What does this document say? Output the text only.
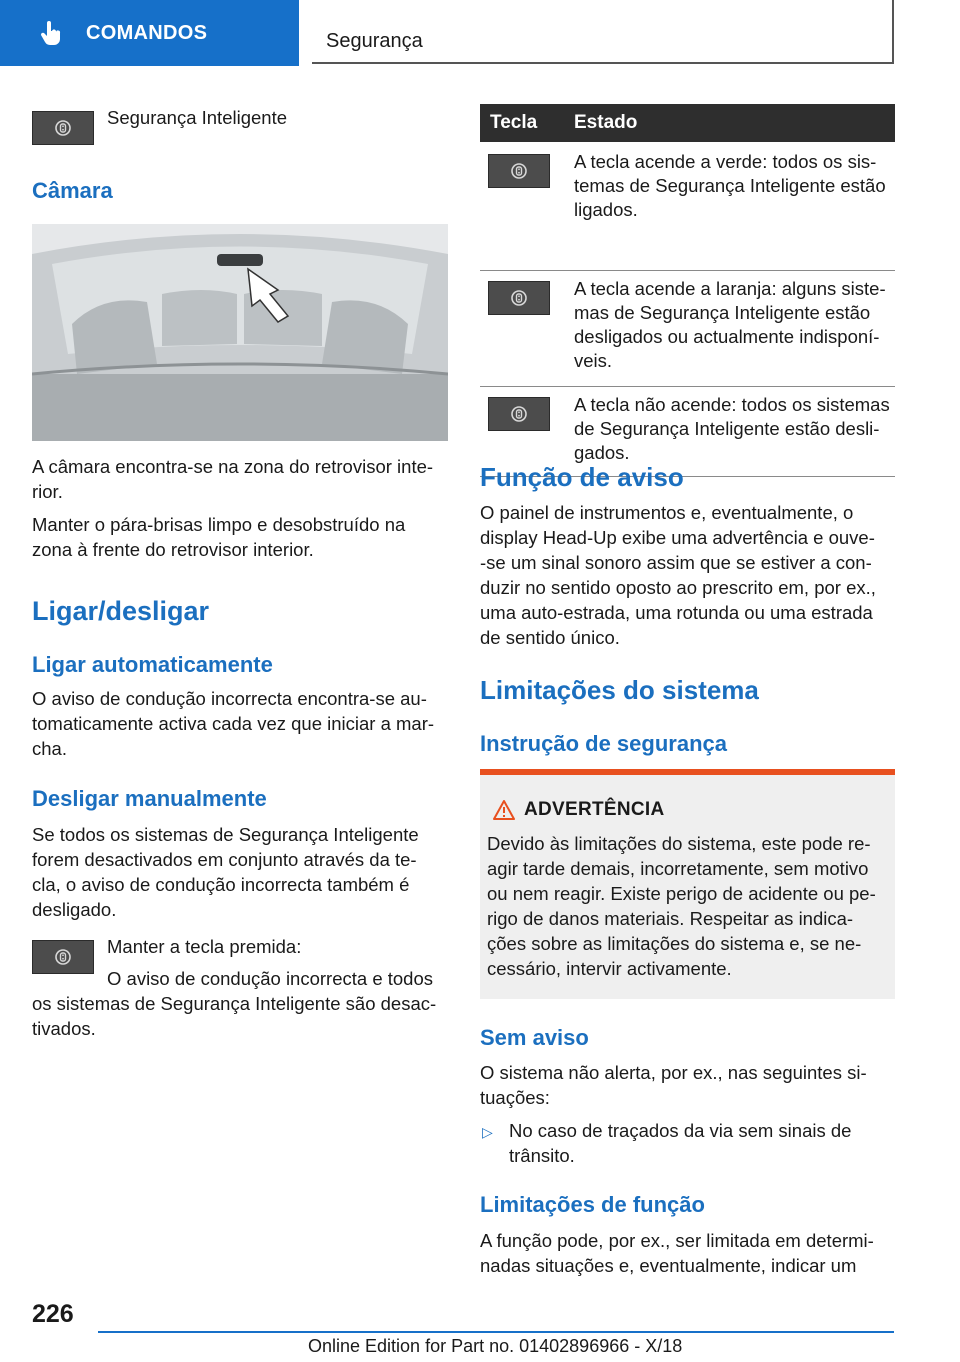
COMANDOS	Segurança
Segurança Inteligente
Câmara
A câmara encontra-se na zona do retrovisor inte-
rior.
Manter o pára-brisas limpo e desobstruído na
zona à frente do retrovisor interior.
Ligar/desligar
Ligar automaticamente
O aviso de condução incorrecta encontra-se au-
tomaticamente activa cada vez que iniciar a mar-
cha.
Desligar manualmente
Se todos os sistemas de Segurança Inteligente
forem desactivados em conjunto através da te-
cla, o aviso de condução incorrecta também é
desligado.
Manter a tecla premida:
O aviso de condução incorrecta e todos
os sistemas de Segurança Inteligente são desac-
tivados.
Tecla	Estado

	A tecla acende a verde: todos os sis-
temas de Segurança Inteligente estão
ligados.

	A tecla acende a laranja: alguns siste-
mas de Segurança Inteligente estão
desligados ou actualmente indisponí-
veis.

	A tecla não acende: todos os sistemas
de Segurança Inteligente estão desli-
gados.
Função de aviso
O painel de instrumentos e, eventualmente, o
display Head-Up exibe uma advertência e ouve-
-se um sinal sonoro assim que se estiver a con-
duzir no sentido oposto ao prescrito em, por ex.,
uma auto-estrada, uma rotunda ou uma estrada
de sentido único.
Limitações do sistema
Instrução de segurança
ADVERTÊNCIA
Devido às limitações do sistema, este pode re-
agir tarde demais, incorretamente, sem motivo
ou nem reagir. Existe perigo de acidente ou pe-
rigo de danos materiais. Respeitar as indica-
ções sobre as limitações do sistema e, se ne-
cessário, intervir activamente.
Sem aviso
O sistema não alerta, por ex., nas seguintes si-
tuações:
▷ No caso de traçados da via sem sinais de
trânsito.
Limitações de função
A função pode, por ex., ser limitada em determi-
nadas situações e, eventualmente, indicar um
226
Online Edition for Part no. 01402896966 - X/18
